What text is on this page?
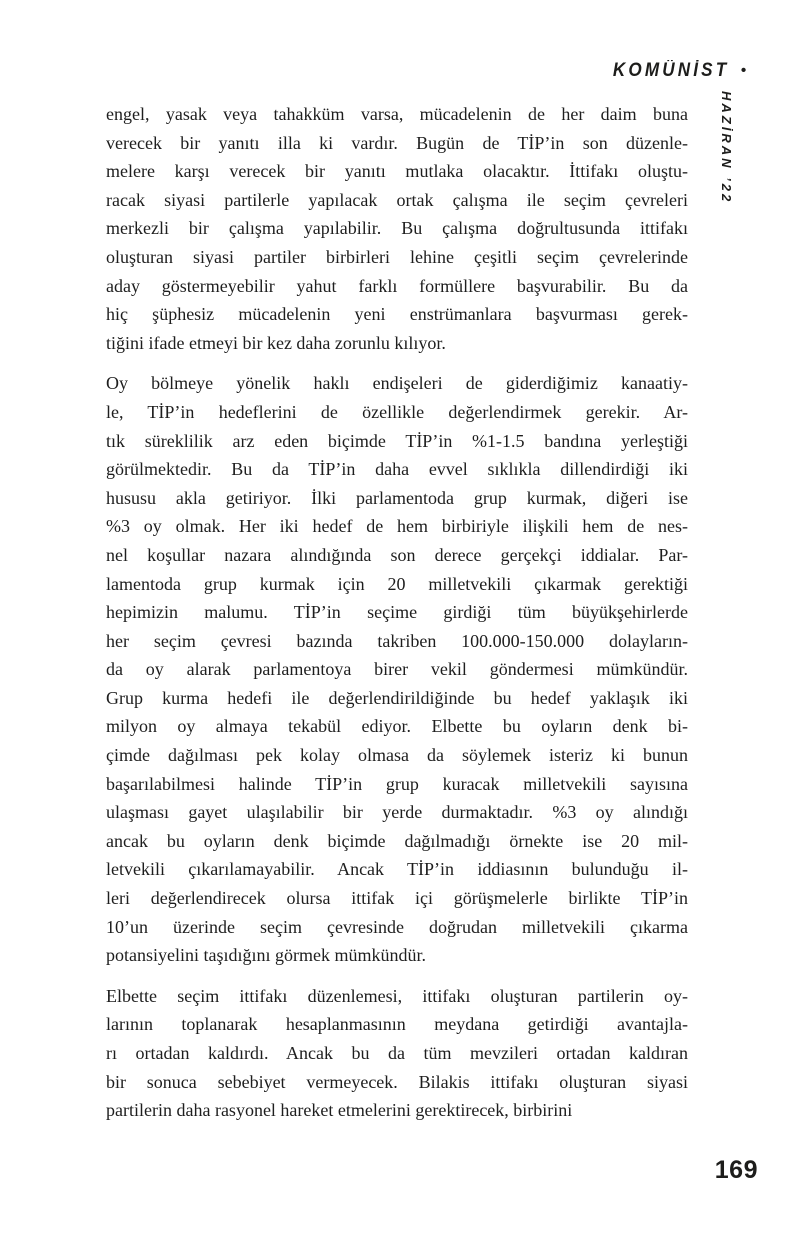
KOMÜNİST •
HAZİRAN ’22
engel, yasak veya tahakküm varsa, mücadelenin de her daim buna
verecek bir yanıtı illa ki vardır. Bugün de TİP’in son düzenle-
melere karşı verecek bir yanıtı mutlaka olacaktır. İttifakı oluştu-
racak siyasi partilerle yapılacak ortak çalışma ile seçim çevreleri
merkezli bir çalışma yapılabilir. Bu çalışma doğrultusunda ittifakı
oluşturan siyasi partiler birbirleri lehine çeşitli seçim çevrelerinde
aday göstermeyebilir yahut farklı formüllere başvurabilir. Bu da
hiç şüphesiz mücadelenin yeni enstrümanlara başvurması gerek-
tiğini ifade etmeyi bir kez daha zorunlu kılıyor.
Oy bölmeye yönelik haklı endişeleri de giderdiğimiz kanaatiy-
le, TİP’in hedeflerini de özellikle değerlendirmek gerekir. Ar-
tık süreklilik arz eden biçimde TİP’in %1-1.5 bandına yerleştiği
görülmektedir. Bu da TİP’in daha evvel sıklıkla dillendirdiği iki
hususu akla getiriyor. İlki parlamentoda grup kurmak, diğeri ise
%3 oy olmak. Her iki hedef de hem birbiriyle ilişkili hem de nes-
nel koşullar nazara alındığında son derece gerçekçi iddialar. Par-
lamentoda grup kurmak için 20 milletvekili çıkarmak gerektiği
hepimizin malumu. TİP’in seçime girdiği tüm büyükşehirlerde
her seçim çevresi bazında takriben 100.000-150.000 dolayların-
da oy alarak parlamentoya birer vekil göndermesi mümkündür.
Grup kurma hedefi ile değerlendirildiğinde bu hedef yaklaşık iki
milyon oy almaya tekabül ediyor. Elbette bu oyların denk bi-
çimde dağılması pek kolay olmasa da söylemek isteriz ki bunun
başarılabilmesi halinde TİP’in grup kuracak milletvekili sayısına
ulaşması gayet ulaşılabilir bir yerde durmaktadır. %3 oy alındığı
ancak bu oyların denk biçimde dağılmadığı örnekte ise 20 mil-
letvekili çıkarılamayabilir. Ancak TİP’in iddiasının bulunduğu il-
leri değerlendirecek olursa ittifak içi görüşmelerle birlikte TİP’in
10’un üzerinde seçim çevresinde doğrudan milletvekili çıkarma
potansiyelini taşıdığını görmek mümkündür.
Elbette seçim ittifakı düzenlemesi, ittifakı oluşturan partilerin oy-
larının toplanarak hesaplanmasının meydana getirdiği avantajla-
rı ortadan kaldırdı. Ancak bu da tüm mevzileri ortadan kaldıran
bir sonuca sebebiyet vermeyecek. Bilakis ittifakı oluşturan siyasi
partilerin daha rasyonel hareket etmelerini gerektirecek, birbirini
169
